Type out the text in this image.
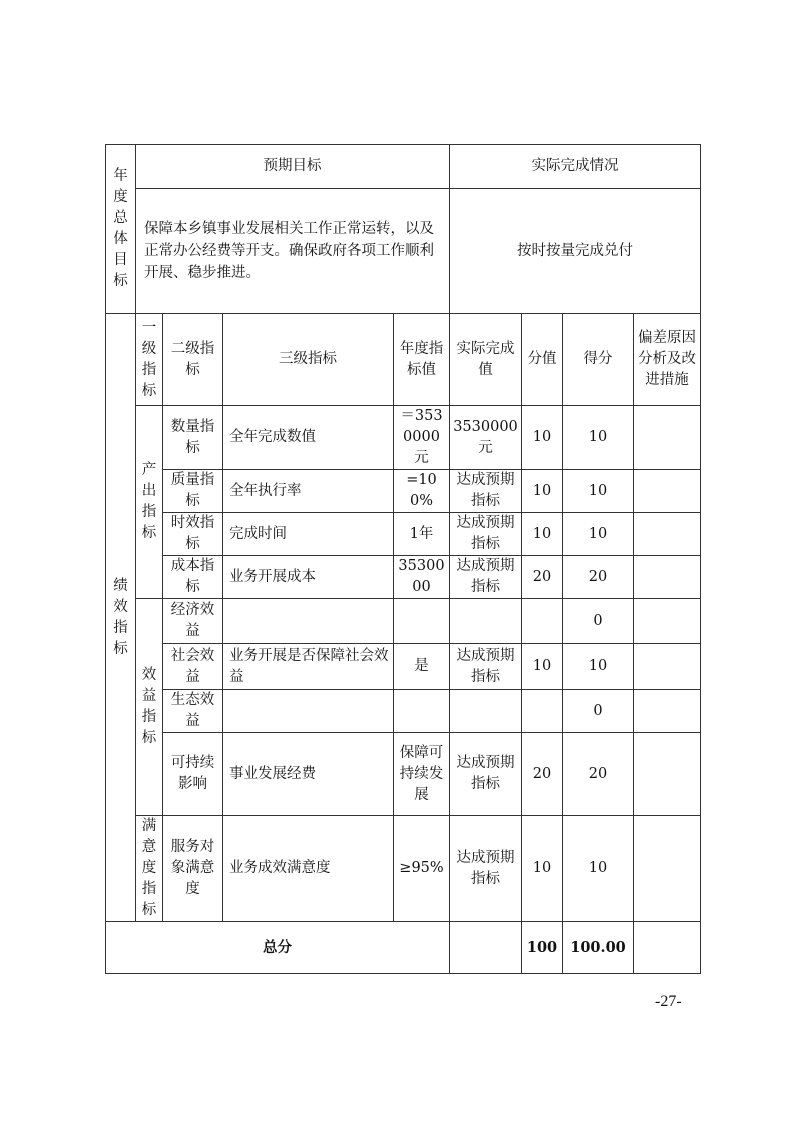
年度总体目标	预期目标				实际完成情况			
	保障本乡镇事业发展相关工作正常运转，以及正常办公经费等开支。确保政府各项工作顺利开展、稳步推进。				按时按量完成兑付			
绩效指标	一级指标	二级指标	三级指标	年度指标值	实际完成值	分值	得分	偏差原因分析及改进措施
	产出指标	数量指标	全年完成数值	＝3530000元	3530000元	10	10	
		质量指标	全年执行率	=100%	达成预期指标	10	10	
		时效指标	完成时间	1年	达成预期指标	10	10	
		成本指标	业务开展成本	3530000	达成预期指标	20	20	
	效益指标	经济效益					0	
		社会效益	业务开展是否保障社会效益	是	达成预期指标	10	10	
		生态效益					0	
		可持续影响	事业发展经费	保障可持续发展	达成预期指标	20	20	
	满意度指标	服务对象满意度	业务成效满意度	≥95%	达成预期指标	10	10	
总分						100	100.00	
-27-
